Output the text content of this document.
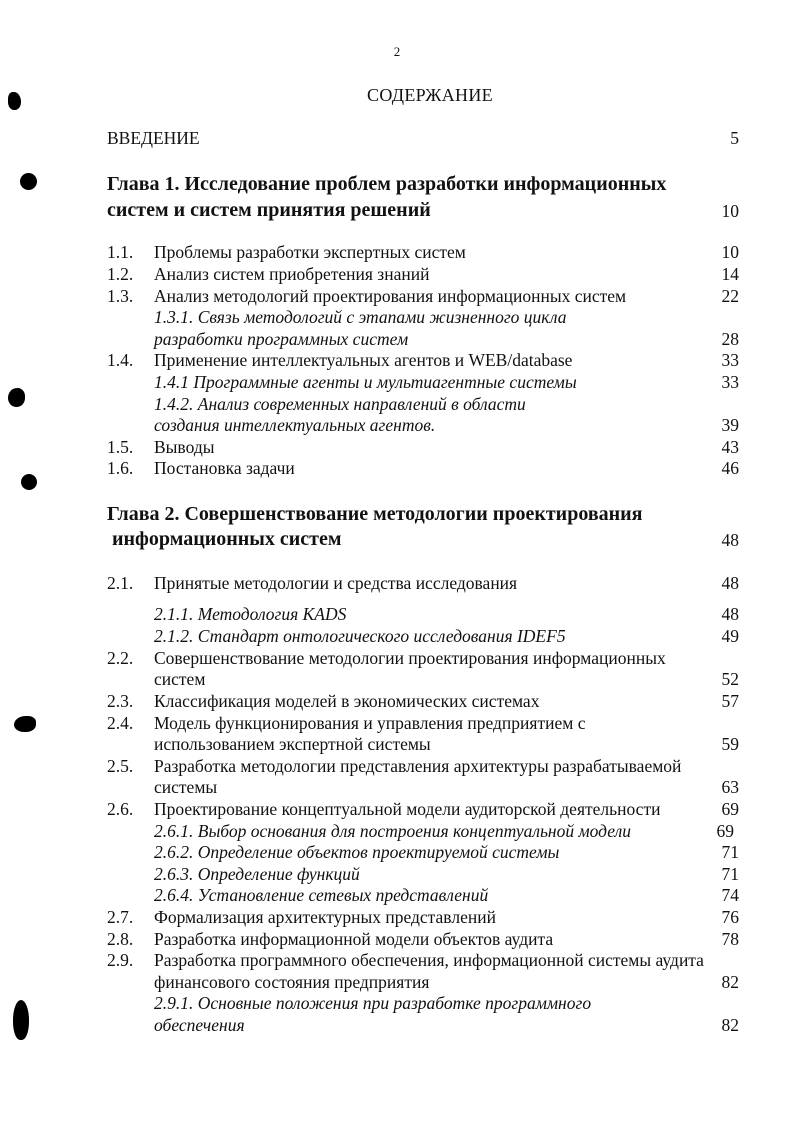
2
СОДЕРЖАНИЕ
ВВЕДЕНИЕ	5
Глава 1. Исследование проблем разработки информационных
систем и систем принятия решений	10
1.1. Проблемы разработки экспертных систем	10
1.2. Анализ систем приобретения знаний	14
1.3. Анализ методологий проектирования информационных систем	22
1.3.1. Связь методологий с этапами жизненного цикла
разработки программных систем	28
1.4. Применение интеллектуальных агентов и WEB/database	33
1.4.1 Программные агенты и мультиагентные системы	33
1.4.2. Анализ современных направлений в области
создания интеллектуальных агентов.	39
1.5. Выводы	43
1.6. Постановка задачи	46
Глава 2. Совершенствование методологии проектирования
информационных систем	48
2.1. Принятые методологии и средства исследования	48
2.1.1. Методология KADS	48
2.1.2. Стандарт онтологического исследования IDEF5	49
2.2. Совершенствование методологии проектирования информационных
систем	52
2.3. Классификация моделей в экономических системах	57
2.4. Модель функционирования и управления предприятием с
использованием экспертной системы	59
2.5. Разработка методологии представления архитектуры разрабатываемой
системы	63
2.6. Проектирование концептуальной модели аудиторской деятельности	69
2.6.1. Выбор основания для построения концептуальной модели	69
2.6.2. Определение объектов проектируемой системы	71
2.6.3. Определение функций	71
2.6.4. Установление сетевых представлений	74
2.7. Формализация архитектурных представлений	76
2.8. Разработка информационной модели объектов аудита	78
2.9. Разработка программного обеспечения, информационной системы аудита
финансового состояния предприятия	82
2.9.1. Основные положения при разработке программного
обеспечения	82
